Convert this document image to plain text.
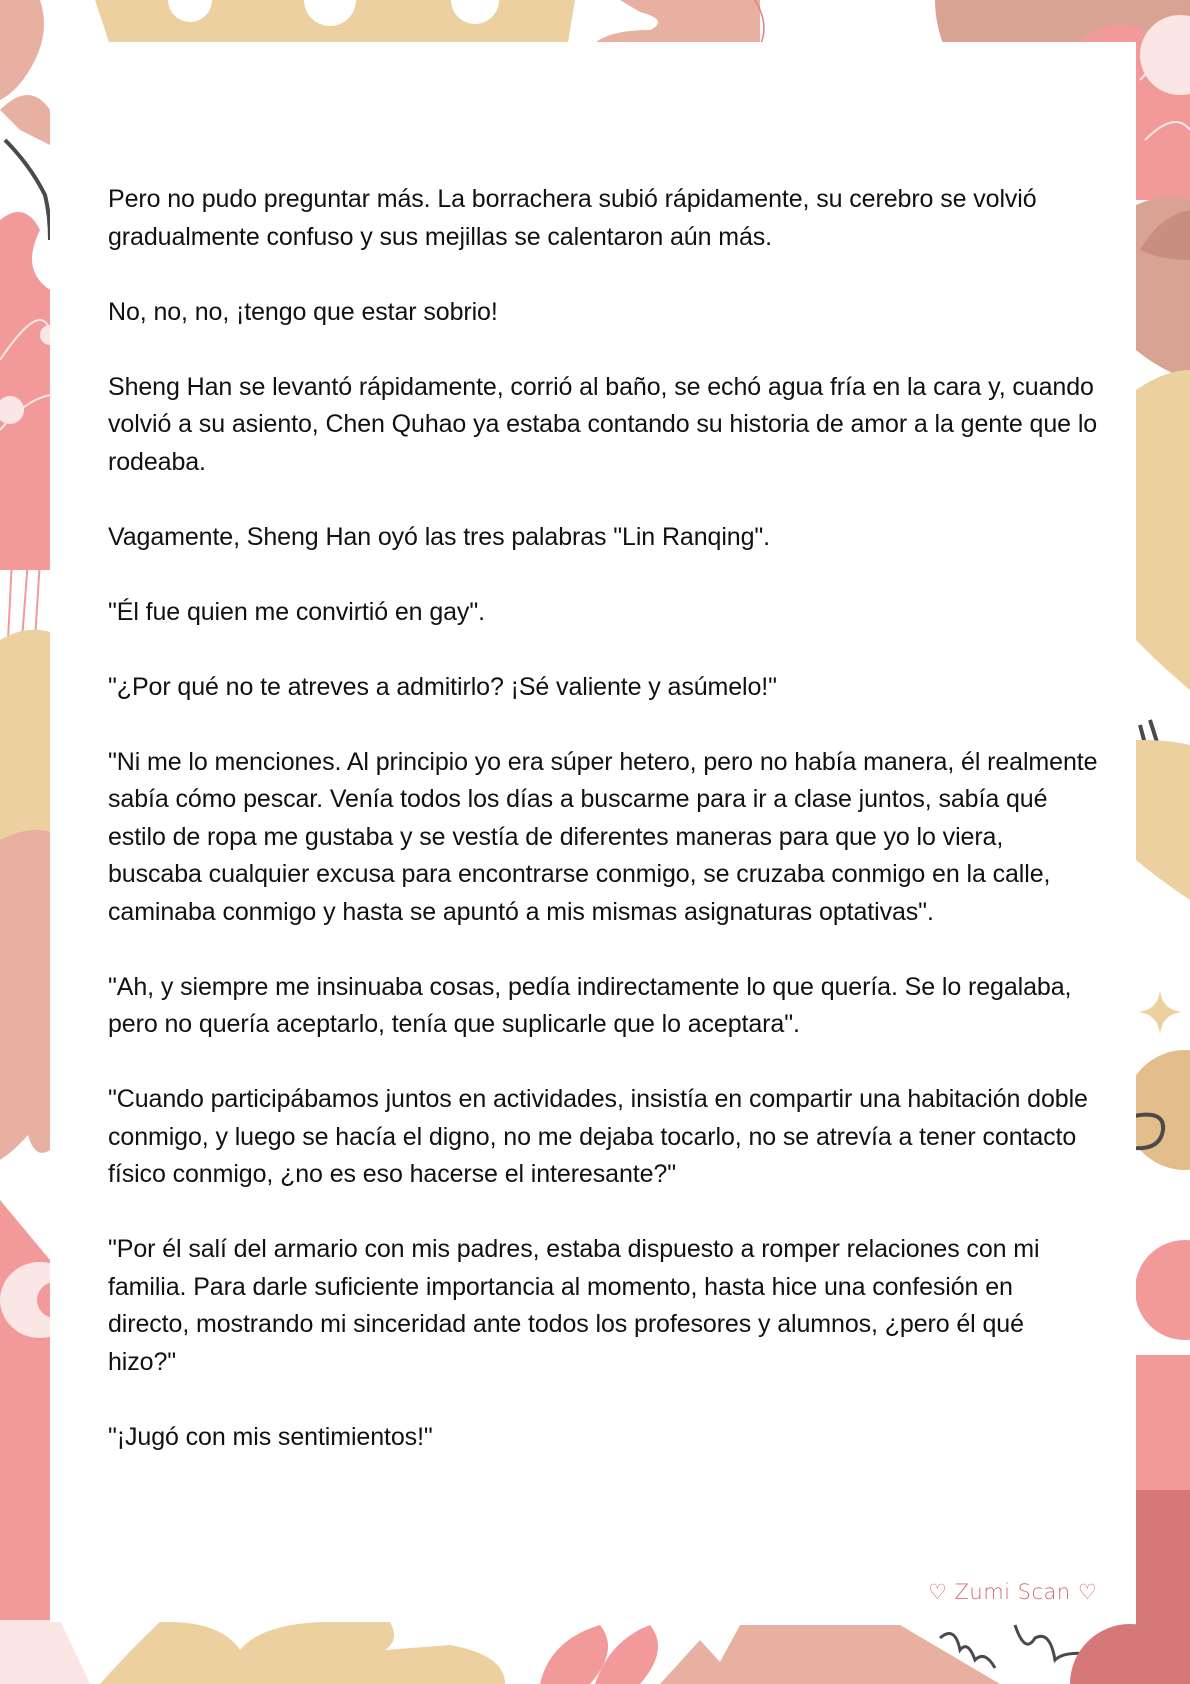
Pero no pudo preguntar más. La borrachera subió rápidamente, su cerebro se volvió gradualmente confuso y sus mejillas se calentaron aún más.

No, no, no, ¡tengo que estar sobrio!

Sheng Han se levantó rápidamente, corrió al baño, se echó agua fría en la cara y, cuando volvió a su asiento, Chen Quhao ya estaba contando su historia de amor a la gente que lo rodeaba.

Vagamente, Sheng Han oyó las tres palabras "Lin Ranqing".

"Él fue quien me convirtió en gay".

"¿Por qué no te atreves a admitirlo? ¡Sé valiente y asúmelo!"

"Ni me lo menciones. Al principio yo era súper hetero, pero no había manera, él realmente sabía cómo pescar. Venía todos los días a buscarme para ir a clase juntos, sabía qué estilo de ropa me gustaba y se vestía de diferentes maneras para que yo lo viera, buscaba cualquier excusa para encontrarse conmigo, se cruzaba conmigo en la calle, caminaba conmigo y hasta se apuntó a mis mismas asignaturas optativas".

"Ah, y siempre me insinuaba cosas, pedía indirectamente lo que quería. Se lo regalaba, pero no quería aceptarlo, tenía que suplicarle que lo aceptara".

"Cuando participábamos juntos en actividades, insistía en compartir una habitación doble conmigo, y luego se hacía el digno, no me dejaba tocarlo, no se atrevía a tener contacto físico conmigo, ¿no es eso hacerse el interesante?"

"Por él salí del armario con mis padres, estaba dispuesto a romper relaciones con mi familia. Para darle suficiente importancia al momento, hasta hice una confesión en directo, mostrando mi sinceridad ante todos los profesores y alumnos, ¿pero él qué hizo?"

"¡Jugó con mis sentimientos!"

♡ Zumi Scan ♡
